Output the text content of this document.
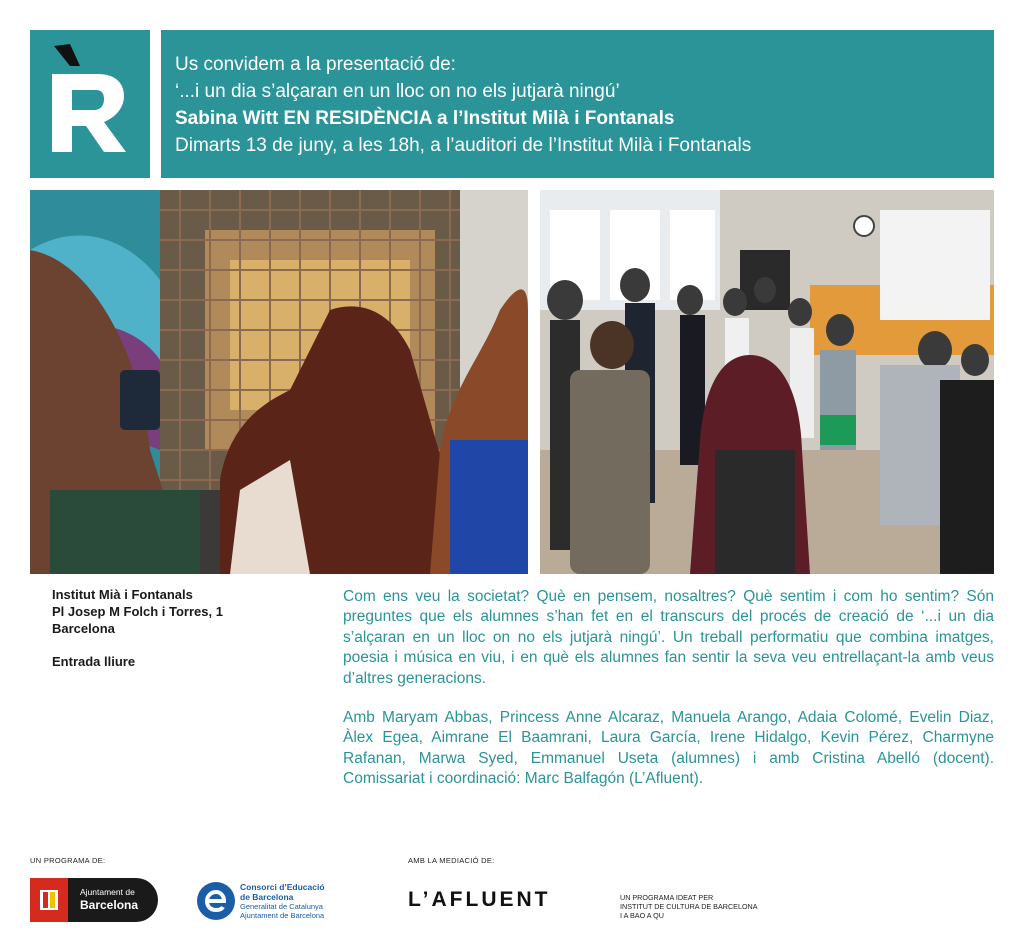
Us convidem a la presentació de:
‘...i un dia s’alçaran en un lloc on no els jutjarà ningú’
Sabina Witt EN RESIDÈNCIA a l’Institut Milà i Fontanals
Dimarts 13 de juny, a les 18h, a l’auditori de l’Institut Milà i Fontanals
Institut Mià i Fontanals
Pl Josep M Folch i Torres, 1
Barcelona
Entrada lliure

Com ens veu la societat? Què en pensem, nosaltres? Què sentim i com ho sentim? Són preguntes que els alumnes s’han fet en el transcurs del procés de creació de ‘...i un dia s’alçaran en un lloc on no els jutjarà ningú’. Un treball performatiu que combina imatges, poesia i música en viu, i en què els alumnes fan sentir la seva veu entrellaçant-la amb veus d’altres generacions.

Amb Maryam Abbas, Princess Anne Alcaraz, Manuela Arango, Adaia Colomé, Evelin Diaz, Àlex Egea, Aimrane El Baamrani, Laura García, Irene Hidalgo, Kevin Pérez, Charmyne Rafanan, Marwa Syed, Emmanuel Useta (alumnes) i amb Cristina Abelló (docent). Comissariat i coordinació: Marc Balfagón (L’Afluent).

UN PROGRAMA DE:	AMB LA MEDIACIÓ DE:
Ajuntament de
Barcelona
Consorci d’Educació
de Barcelona
Generalitat de Catalunya
Ajuntament de Barcelona
L’AFLUENT	UN PROGRAMA IDEAT PER
INSTITUT DE CULTURA DE BARCELONA
I A BAO A QU
